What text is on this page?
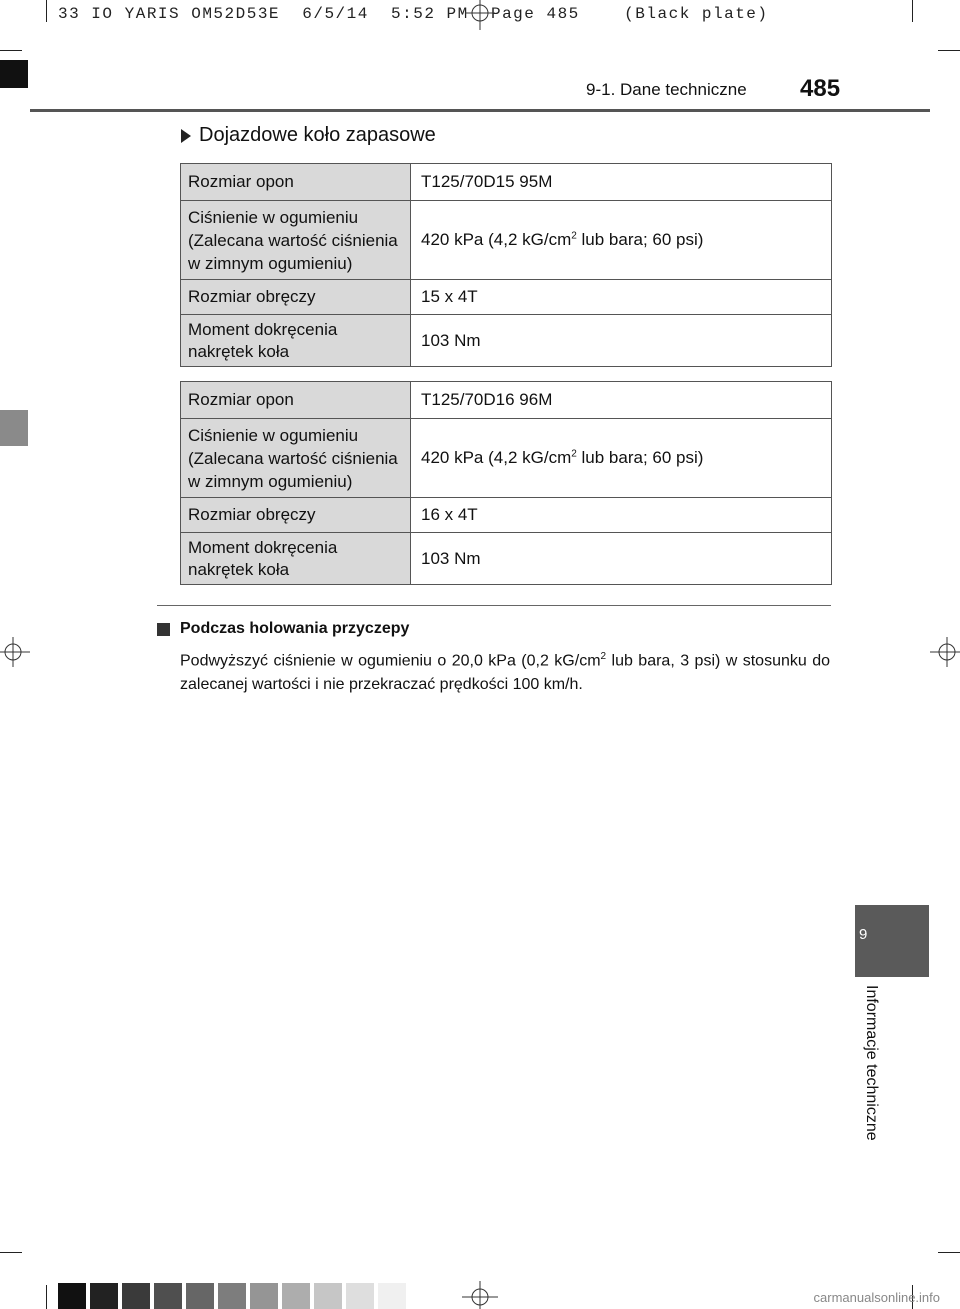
33 IO YARIS OM52D53E  6/5/14  5:52 PM  Page 485    (Black plate)
9-1. Dane techniczne 485
9
Informacje techniczne
Dojazdowe koło zapasowe
Rozmiar opon	T125/70D15 95M

Ciśnienie w ogumieniu
(Zalecana wartość ciśnienia
w zimnym ogumieniu)	420 kPa (4,2 $kG/cm^2$ lub bara; 60 psi)
Rozmiar obręczy	15 x 4T

Moment dokręcenia
nakrętek koła	103 Nm
Rozmiar opon	T125/70D16 96M

Ciśnienie w ogumieniu
(Zalecana wartość ciśnienia
w zimnym ogumieniu)	420 kPa (4,2 $kG/cm^2$ lub bara; 60 psi)
Rozmiar obręczy	16 x 4T

Moment dokręcenia
nakrętek koła	103 Nm
Podczas holowania przyczepy
Podwyższyć ciśnienie w ogumieniu o 20,0 kPa (0,2 $kG/cm^2$ lub bara, 3 psi) w stosunku do zalecanej wartości i nie przekraczać prędkości 100 km/h.
carmanualsonline.info
